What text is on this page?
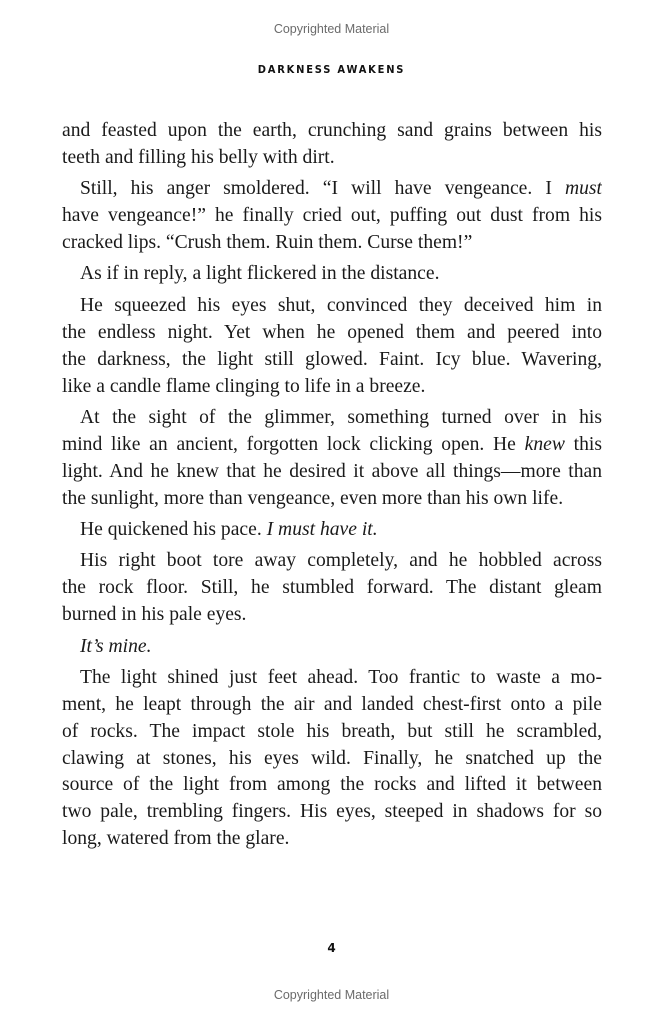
Copyrighted Material
DARKNESS AWAKENS
and feasted upon the earth, crunching sand grains between his
teeth and filling his belly with dirt.
Still, his anger smoldered. “I will have vengeance. I must
have vengeance!” he finally cried out, puffing out dust from his
cracked lips. “Crush them. Ruin them. Curse them!”
As if in reply, a light flickered in the distance.
He squeezed his eyes shut, convinced they deceived him in
the endless night. Yet when he opened them and peered into
the darkness, the light still glowed. Faint. Icy blue. Wavering,
like a candle flame clinging to life in a breeze.
At the sight of the glimmer, something turned over in his
mind like an ancient, forgotten lock clicking open. He knew this
light. And he knew that he desired it above all things—more than
the sunlight, more than vengeance, even more than his own life.
He quickened his pace. I must have it.
His right boot tore away completely, and he hobbled across
the rock floor. Still, he stumbled forward. The distant gleam
burned in his pale eyes.
It’s mine.
The light shined just feet ahead. Too frantic to waste a mo-
ment, he leapt through the air and landed chest-first onto a pile
of rocks. The impact stole his breath, but still he scrambled,
clawing at stones, his eyes wild. Finally, he snatched up the
source of the light from among the rocks and lifted it between
two pale, trembling fingers. His eyes, steeped in shadows for so
long, watered from the glare.
4
Copyrighted Material
